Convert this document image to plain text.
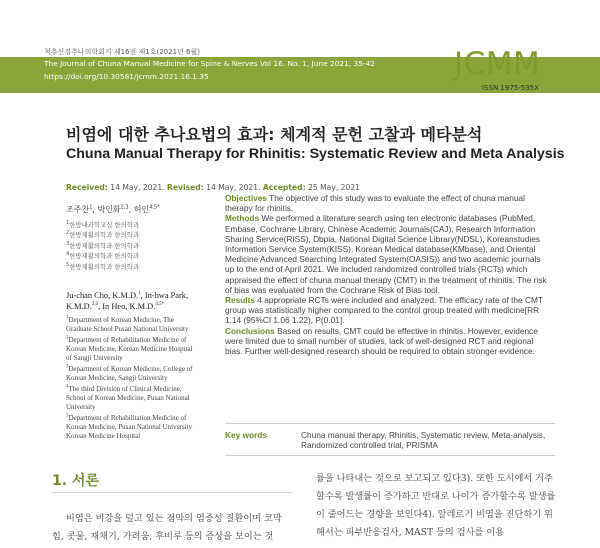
척추신경추나의학회지 제16권 제1호(2021년 6월)
The Journal of Chuna Manual Medicine for Spine & Nerves Vol 16. No. 1, June 2021, 35-42
https://doi.org/10.30581/jcmm.2021.16.1.35	JCMM
ISSN 1975-535X
비염에 대한 추나요법의 효과: 체계적 문헌 고찰과 메타분석
Chuna Manual Therapy for Rhinitis: Systematic Review and Meta Analysis
Received: 14 May, 2021. Revised: 14 May, 2021. Accepted: 25 May, 2021
조주찬$^1$, 박인화$^{2,3}$, 허인$^{4,5*}$
$^1$한방내과학교실 한의학과
$^2$한방재활의학과 한의학과
$^3$한방재활의학과 한의학과
$^4$한방재활의학과 한의학과
$^5$한방재활의학과 한의학과
Ju-chan Cho, K.M.D.$^1$, In-hwa Park,
K.M.D.$^{2,3}$, In Heo, K.M.D.$^{4,5*}$
$^1$Department of Korean Medicine, The Graduate School Pusan National University
$^2$Department of Rehabilitation Medicine of Korean Medicine, Korean Medicine Hospital of Sangji University
$^3$Department of Korean Medicine, College of Korean Medicine, Sangji University
$^4$The third Division of Clinical Medicine, School of Korean Medicine, Pusan National University
$^5$Department of Rehabilitation Medicine of Korean Medicine, Pusan National University Korean Medicine Hospital

Objectives The objective of this study was to evaluate the effect of chuna manual therapy for rhinitis.

Methods We performed a literature search using ten electronic databases (PubMed, Embase, Cochrane Library, Chinese Academic Journals(CAJ), Research Information Sharing Service(RISS), Dbpia, National Digital Science Library(NDSL), Koreanstudies Information Service System(KISS), Korean Medical database(KMbase), and Oriental Medicine Advanced Searching Integrated System(OASIS)) and two academic journals up to the end of April 2021. We included randomized controlled trials (RCTs) which appraised the effect of chuna manual therapy (CMT) in the treatment of rhinitis. The risk of bias was evaluated from the Cochrane Risk of Bias tool.

Results 4 appropriate RCTs were included and analyzed. The efficacy rate of the CMT group was statistically higher compared to the control group treated with medicine[RR 1.14 (95%CI 1.06 1.22), P(0.01].

Conclusions Based on results, CMT could be effective in rhinitis. However, evidence were limited due to small number of studies, lack of well-designed RCT and regional bias. Further well-designed research should be required to obtain stronger evidence.

Key words	Chuna manual therapy, Rhinitis, Systematic review, Meta-analysis,
Randomized controlled trial, PRISMA
1. 서론
비염은 비강을 덮고 있는 점막의 염증성 질환이며 코막힘, 콧물, 재채기, 가려움, 후비루 등의 증상을 보이는 것
률을 나타내는 것으로 보고되고 있다3). 또한 도시에서 거주할수록 발생률이 증가하고 반대로 나이가 증가할수록 발생률이 줄어드는 경향을 보인다4). 알레르기 비염을 진단하기 위해서는 피부반응검사, MAST 등의 검사를 이용
